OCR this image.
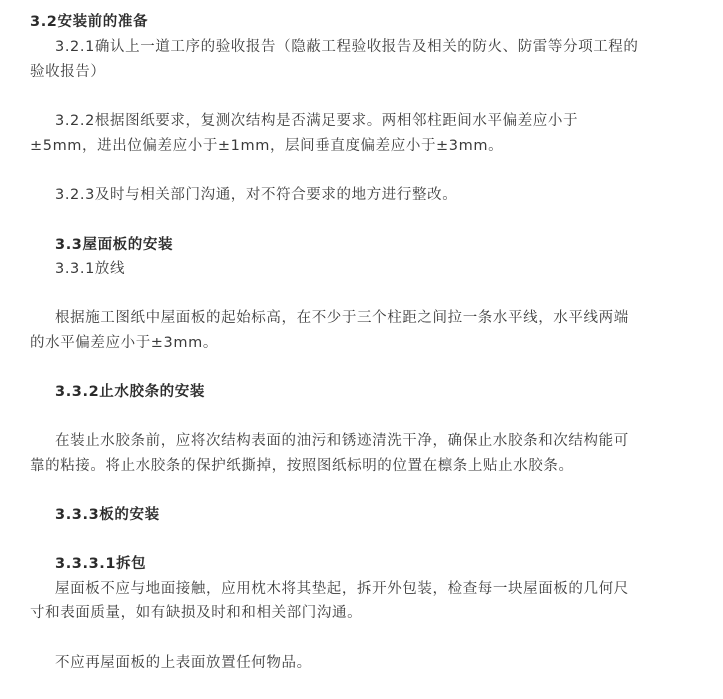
3.2安装前的准备
3.2.1确认上一道工序的验收报告（隐蔽工程验收报告及相关的防火、防雷等分项工程的
验收报告）
3.2.2根据图纸要求，复测次结构是否满足要求。两相邻柱距间水平偏差应小于
±5mm，进出位偏差应小于±1mm，层间垂直度偏差应小于±3mm。
3.2.3及时与相关部门沟通，对不符合要求的地方进行整改。
3.3屋面板的安装
3.3.1放线
根据施工图纸中屋面板的起始标高，在不少于三个柱距之间拉一条水平线，水平线两端
的水平偏差应小于±3mm。
3.3.2止水胶条的安装
在装止水胶条前，应将次结构表面的油污和锈迹清洗干净，确保止水胶条和次结构能可
靠的粘接。将止水胶条的保护纸撕掉，按照图纸标明的位置在檩条上贴止水胶条。
3.3.3板的安装
3.3.3.1拆包
屋面板不应与地面接触，应用枕木将其垫起，拆开外包装，检查每一块屋面板的几何尺
寸和表面质量，如有缺损及时和和相关部门沟通。
不应再屋面板的上表面放置任何物品。
